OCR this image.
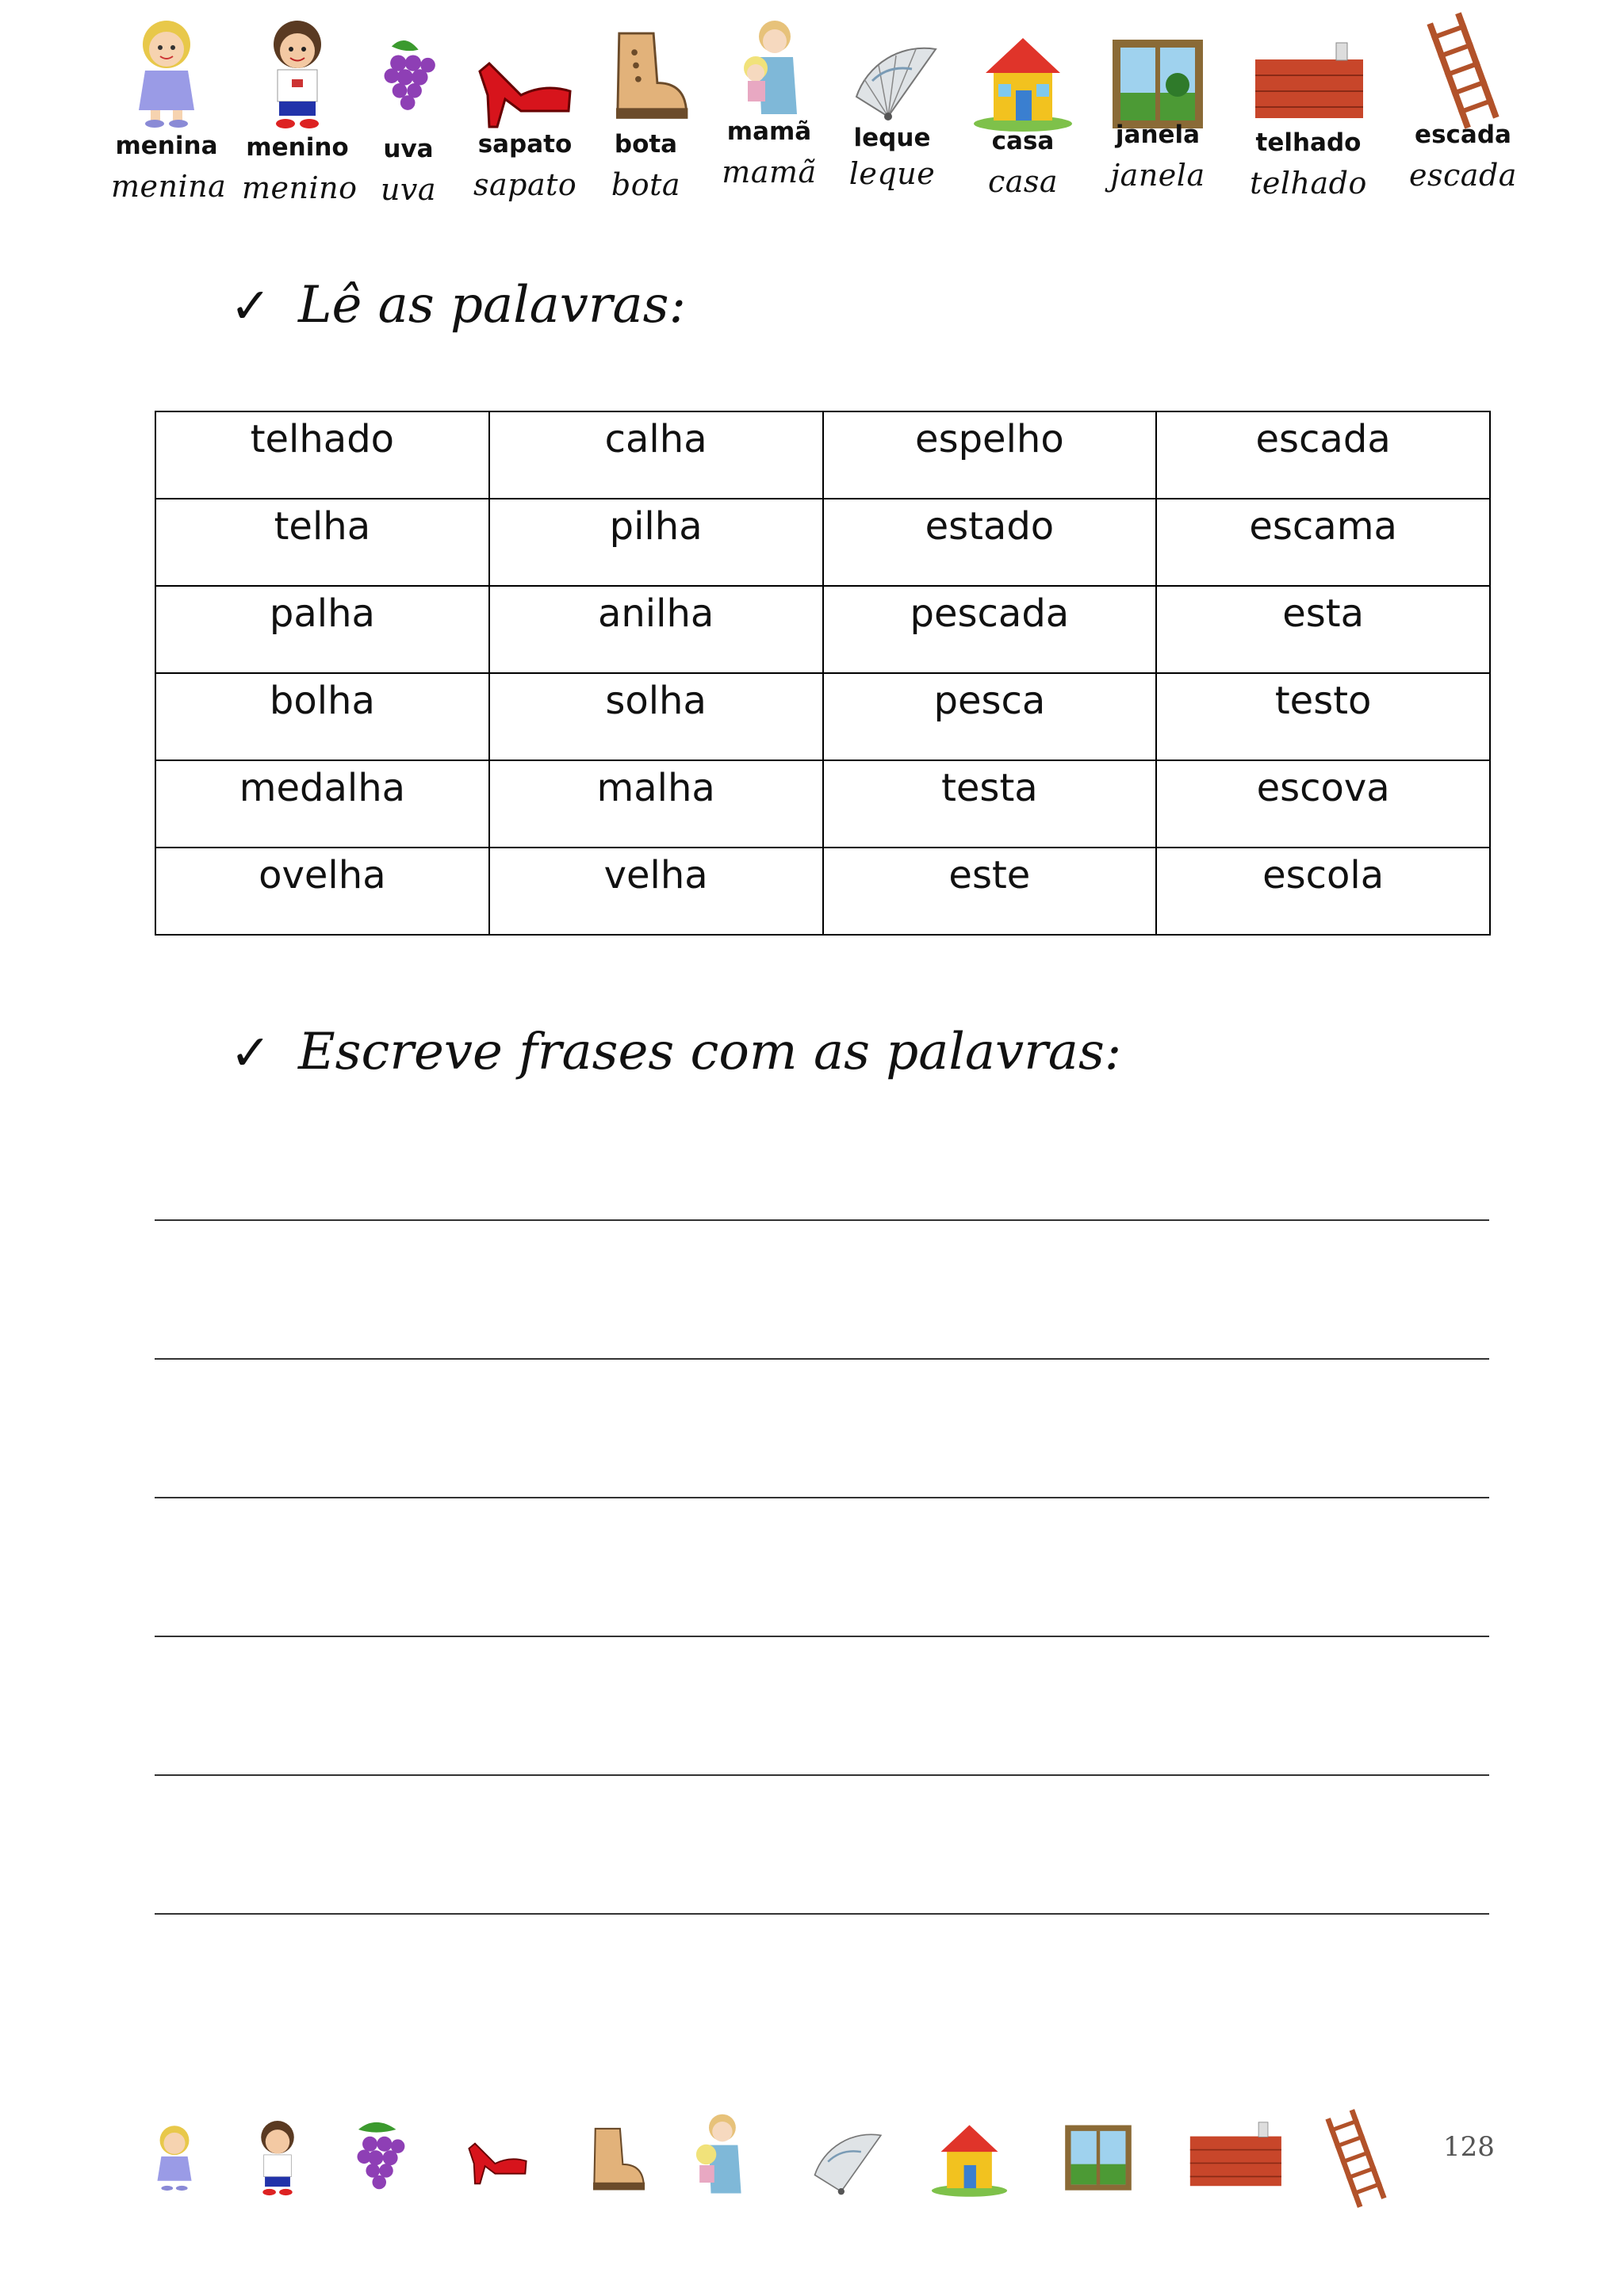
menina
menina
menino
menino
uva
uva
sapato
sapato
bota
bota
mamã
mamã
leque
leque
casa
casa
janela
janela
telhado
telhado
escada
escada
✓ Lê as palavras:
telhado	calha	espelho	escada
telha	pilha	estado	escama
palha	anilha	pescada	esta
bolha	solha	pesca	testo
medalha	malha	testa	escova
ovelha	velha	este	escola
✓ Escreve frases com as palavras:
128
